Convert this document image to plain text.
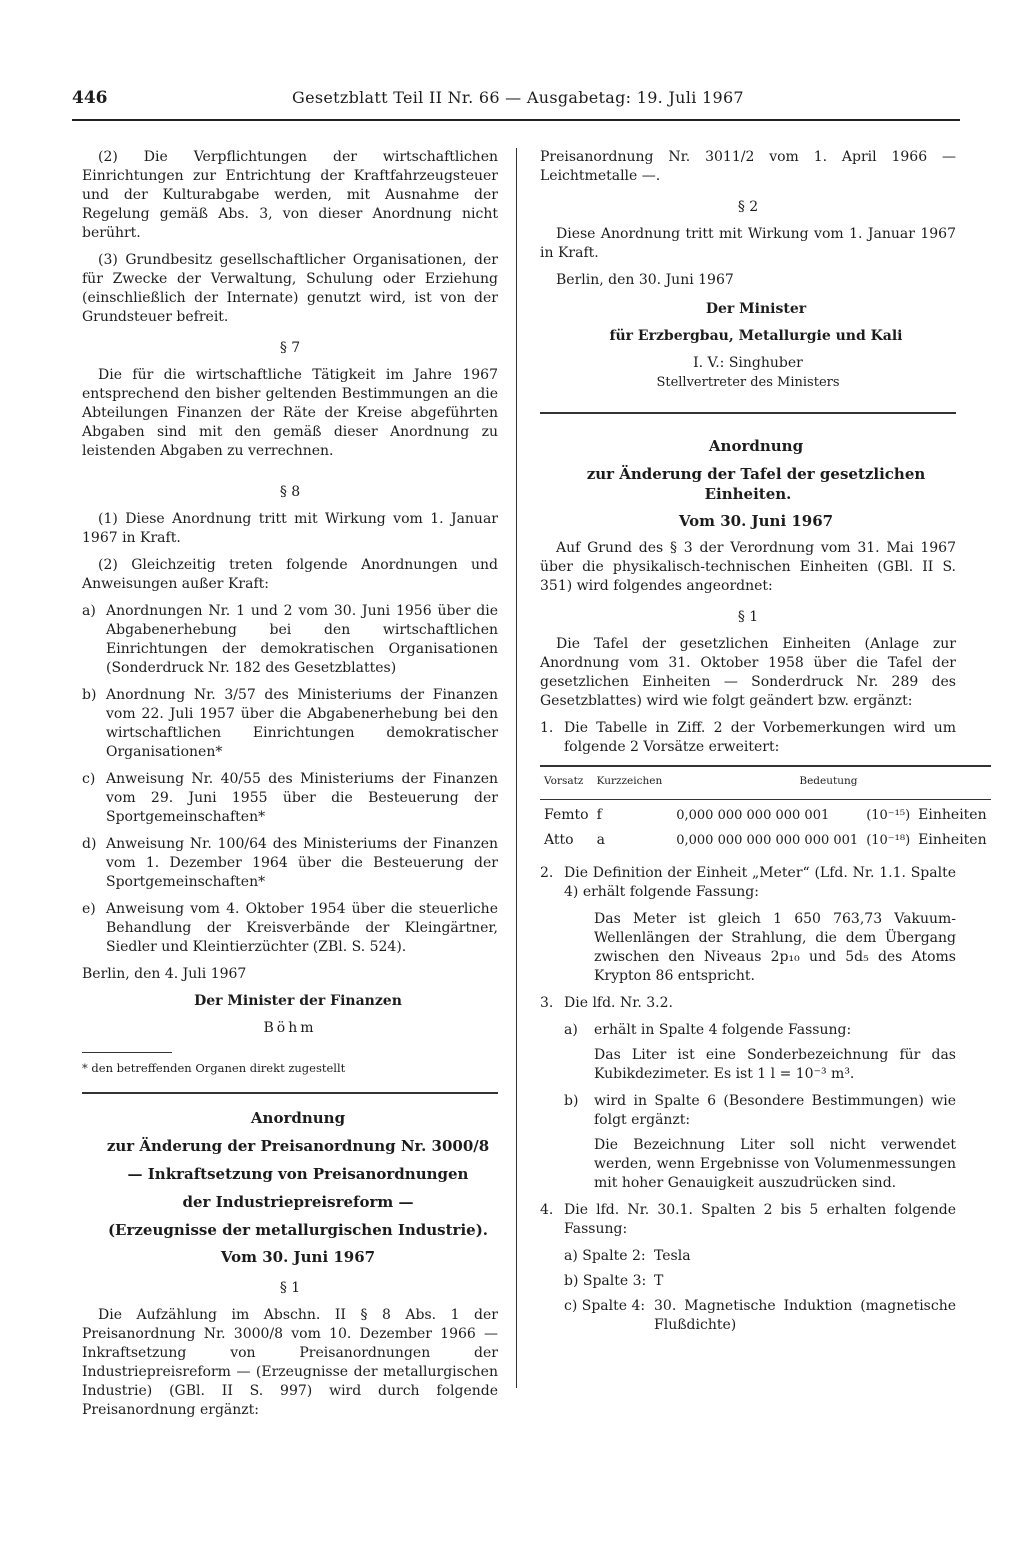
446	Gesetzblatt Teil II Nr. 66 — Ausgabetag: 19. Juli 1967

(2) Die Verpflichtungen der wirtschaftlichen Einrichtungen zur Entrichtung der Kraftfahrzeugsteuer und der Kulturabgabe werden, mit Ausnahme der Regelung gemäß Abs. 3, von dieser Anordnung nicht berührt.

(3) Grundbesitz gesellschaftlicher Organisationen, der für Zwecke der Verwaltung, Schulung oder Erziehung (einschließlich der Internate) genutzt wird, ist von der Grundsteuer befreit.

§ 7

Die für die wirtschaftliche Tätigkeit im Jahre 1967 entsprechend den bisher geltenden Bestimmungen an die Abteilungen Finanzen der Räte der Kreise abgeführten Abgaben sind mit den gemäß dieser Anordnung zu leistenden Abgaben zu verrechnen.

§ 8

(1) Diese Anordnung tritt mit Wirkung vom 1. Januar 1967 in Kraft.

(2) Gleichzeitig treten folgende Anordnungen und Anweisungen außer Kraft:

a) Anordnungen Nr. 1 und 2 vom 30. Juni 1956 über die Abgabenerhebung bei den wirtschaftlichen Einrichtungen der demokratischen Organisationen (Sonderdruck Nr. 182 des Gesetzblattes)
b) Anordnung Nr. 3/57 des Ministeriums der Finanzen vom 22. Juli 1957 über die Abgabenerhebung bei den wirtschaftlichen Einrichtungen demokratischer Organisationen*
c) Anweisung Nr. 40/55 des Ministeriums der Finanzen vom 29. Juni 1955 über die Besteuerung der Sportgemeinschaften*
d) Anweisung Nr. 100/64 des Ministeriums der Finanzen vom 1. Dezember 1964 über die Besteuerung der Sportgemeinschaften*
e) Anweisung vom 4. Oktober 1954 über die steuerliche Behandlung der Kreisverbände der Kleingärtner, Siedler und Kleintierzüchter (ZBl. S. 524).

Berlin, den 4. Juli 1967

Der Minister der Finanzen

Böhm

* den betreffenden Organen direkt zugestellt

Anordnung

zur Änderung der Preisanordnung Nr. 3000/8

— Inkraftsetzung von Preisanordnungen

der Industriepreisreform —

(Erzeugnisse der metallurgischen Industrie).

Vom 30. Juni 1967

§ 1

Die Aufzählung im Abschn. II § 8 Abs. 1 der Preisanordnung Nr. 3000/8 vom 10. Dezember 1966 — Inkraftsetzung von Preisanordnungen der Industriepreisreform — (Erzeugnisse der metallurgischen Industrie) (GBl. II S. 997) wird durch folgende Preisanordnung ergänzt:

Preisanordnung Nr. 3011/2 vom 1. April 1966 — Leichtmetalle —.

§ 2

Diese Anordnung tritt mit Wirkung vom 1. Januar 1967 in Kraft.

Berlin, den 30. Juni 1967

Der Minister

für Erzbergbau, Metallurgie und Kali

I. V.: Singhuber

Stellvertreter des Ministers

Anordnung

zur Änderung der Tafel der gesetzlichen Einheiten.

Vom 30. Juni 1967

Auf Grund des § 3 der Verordnung vom 31. Mai 1967 über die physikalisch-technischen Einheiten (GBl. II S. 351) wird folgendes angeordnet:

§ 1

Die Tafel der gesetzlichen Einheiten (Anlage zur Anordnung vom 31. Oktober 1958 über die Tafel der gesetzlichen Einheiten — Sonderdruck Nr. 289 des Gesetzblattes) wird wie folgt geändert bzw. ergänzt:

1. Die Tabelle in Ziff. 2 der Vorbemerkungen wird um folgende 2 Vorsätze erweitert:
Vorsatz	Kurzzeichen	Bedeutung		
Femto	f	0,000 000 000 000 001	(10⁻¹⁵)	Einheiten
Atto	a	0,000 000 000 000 000 001	(10⁻¹⁸)	Einheiten
2. Die Definition der Einheit „Meter“ (Lfd. Nr. 1.1. Spalte 4) erhält folgende Fassung:
Das Meter ist gleich 1 650 763,73 Vakuum-Wellenlängen der Strahlung, die dem Übergang zwischen den Niveaus 2p₁₀ und 5d₅ des Atoms Krypton 86 entspricht.
3. Die lfd. Nr. 3.2.
a)	erhält in Spalte 4 folgende Fassung:
Das Liter ist eine Sonderbezeichnung für das Kubikdezimeter. Es ist 1 l = 10⁻³ m³.
b)	wird in Spalte 6 (Besondere Bestimmungen) wie folgt ergänzt:
Die Bezeichnung Liter soll nicht verwendet werden, wenn Ergebnisse von Volumenmessungen mit hoher Genauigkeit auszudrücken sind.
4. Die lfd. Nr. 30.1. Spalten 2 bis 5 erhalten folgende Fassung:
a) Spalte 2: Tesla
b) Spalte 3: T
c) Spalte 4: 30. Magnetische Induktion (magnetische Flußdichte)
